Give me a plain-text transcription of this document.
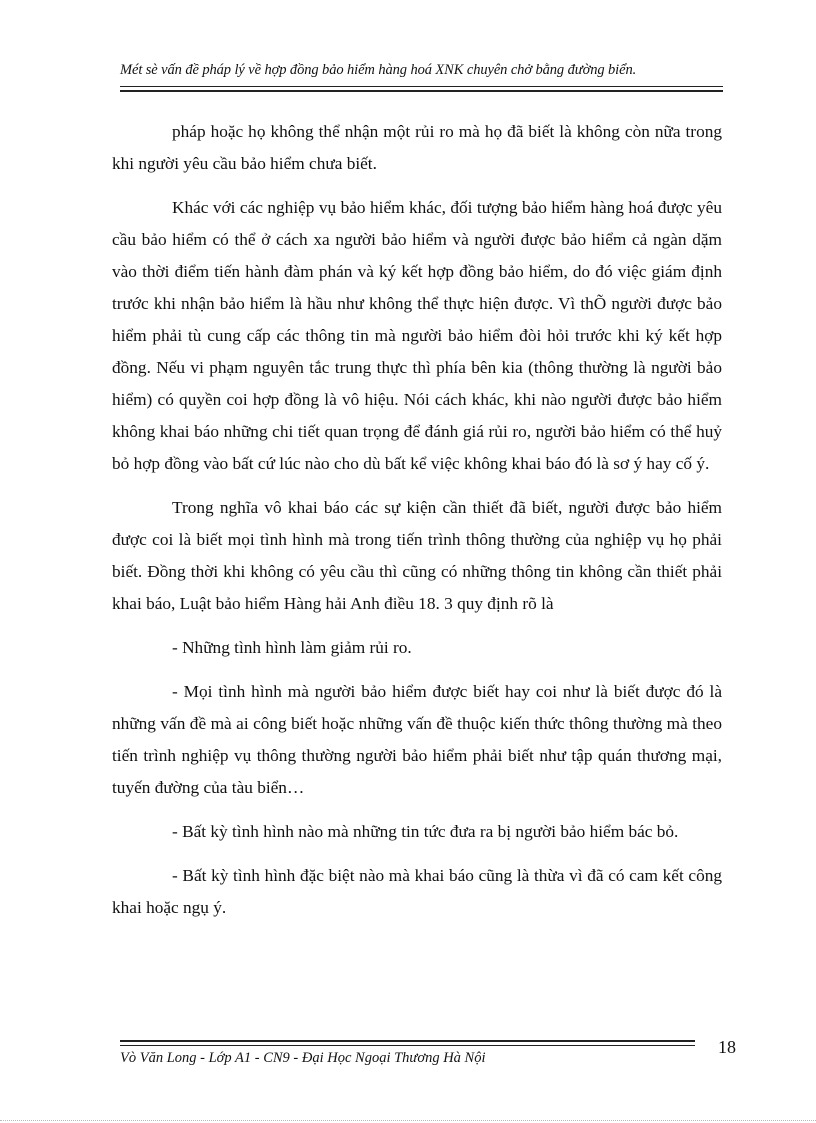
Mét sè vấn đề pháp lý về hợp đồng bảo hiểm hàng hoá XNK chuyên chở bằng đường biển.

pháp hoặc họ không thể nhận một rủi ro mà họ đã biết là không còn nữa trong khi người yêu cầu bảo hiểm chưa biết.

Khác với các nghiệp vụ bảo hiểm khác, đối tượng bảo hiểm hàng hoá được yêu cầu bảo hiểm có thể ở cách xa người bảo hiểm và người được bảo hiểm cả ngàn dặm vào thời điểm tiến hành đàm phán và ký kết hợp đồng bảo hiểm, do đó việc giám định trước khi nhận bảo hiểm là hầu như không thể thực hiện được. Vì thÕ người được bảo hiểm phải tù cung cấp các thông tin mà người bảo hiểm đòi hỏi trước khi ký kết hợp đồng. Nếu vi phạm nguyên tắc trung thực thì phía bên kia (thông thường là người bảo hiểm) có quyền coi hợp đồng là vô hiệu. Nói cách khác, khi nào người được bảo hiểm không khai báo những chi tiết quan trọng để đánh giá rủi ro, người bảo hiểm có thể huỷ bỏ hợp đồng vào bất cứ lúc nào cho dù bất kể việc không khai báo đó là sơ ý hay cố ý.

Trong nghĩa vô khai báo các sự kiện cần thiết đã biết, người được bảo hiểm được coi là biết mọi tình hình mà trong tiến trình thông thường của nghiệp vụ họ phải biết. Đồng thời khi không có yêu cầu thì cũng có những thông tin không cần thiết phải khai báo, Luật bảo hiểm Hàng hải Anh điều 18. 3 quy định rõ là

- Những tình hình làm giảm rủi ro.

- Mọi tình hình mà người bảo hiểm được biết hay coi như là biết được đó là những vấn đề mà ai công biết hoặc những vấn đề thuộc kiến thức thông thường mà theo tiến trình nghiệp vụ thông thường người bảo hiểm phải biết như tập quán thương mại, tuyến đường của tàu biển…

- Bất kỳ tình hình nào mà những tin tức đưa ra bị người bảo hiểm bác bỏ.

- Bất kỳ tình hình đặc biệt nào mà khai báo cũng là thừa vì đã có cam kết công khai hoặc ngụ ý.

Vò Văn Long - Lớp A1 - CN9 - Đại Học Ngoại Thương Hà Nội
18
